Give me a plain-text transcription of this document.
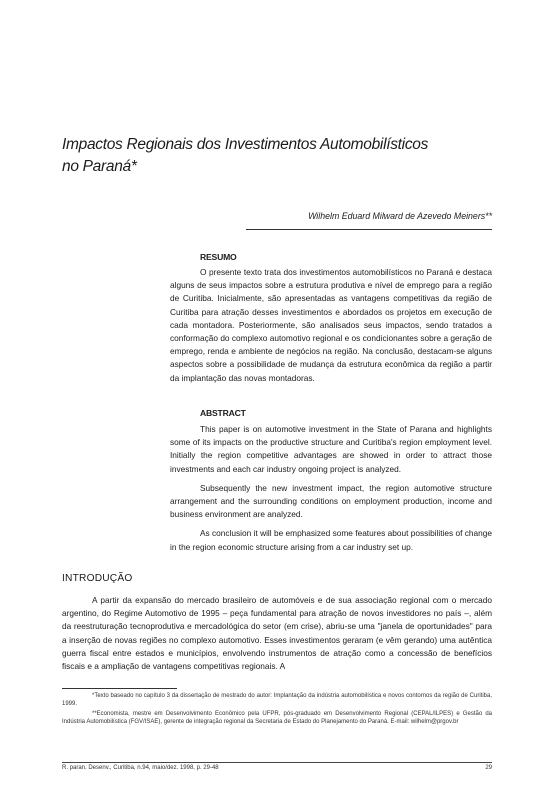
Impactos Regionais dos Investimentos Automobilísticos
no Paraná*
Wilhelm Eduard Milward de Azevedo Meiners**
RESUMO

O presente texto trata dos investimentos automobilísticos no Paraná e destaca alguns de seus impactos sobre a estrutura produtiva e nível de emprego para a região de Curitiba. Inicialmente, são apresentadas as vantagens competitivas da região de Curitiba para atração desses investimentos e abordados os projetos em execução de cada montadora. Posteriormente, são analisados seus impactos, sendo tratados a conformação do complexo automotivo regional e os condicionantes sobre a geração de emprego, renda e ambiente de negócios na região. Na conclusão, destacam-se alguns aspectos sobre a possibilidade de mudança da estrutura econômica da região a partir da implantação das novas montadoras.

ABSTRACT

This paper is on automotive investment in the State of Parana and highlights some of its impacts on the productive structure and Curitiba's region employment level. Initially the region competitive advantages are showed in order to attract those investments and each car industry ongoing project is analyzed.

Subsequently the new investment impact, the region automotive structure arrangement and the surrounding conditions on employment production, income and business environment are analyzed.

As conclusion it will be emphasized some features about possibilities of change in the region economic structure arising from a car industry set up.

INTRODUÇÃO

A partir da expansão do mercado brasileiro de automóveis e de sua associação regional com o mercado argentino, do Regime Automotivo de 1995 – peça fundamental para atração de novos investidores no país –, além da reestruturação tecnoprodutiva e mercadológica do setor (em crise), abriu-se uma "janela de oportunidades" para a inserção de novas regiões no complexo automotivo. Esses investimentos geraram (e vêm gerando) uma autêntica guerra fiscal entre estados e municípios, envolvendo instrumentos de atração como a concessão de benefícios fiscais e a ampliação de vantagens competitivas regionais. A

*Texto baseado no capítulo 3 da dissertação de mestrado do autor: Implantação da indústria automobilística e novos contornos da região de Curitiba, 1999.

**Economista, mestre em Desenvolvimento Econômico pela UFPR, pós-graduado em Desenvolvimento Regional (CEPAL/ILPES) e Gestão da Indústria Automobilística (FGV/ISAE), gerente de integração regional da Secretaria de Estado do Planejamento do Paraná. E-mail: wilhelm@prgov.br

R. paran. Desenv., Curitiba, n.94, maio/dez. 1998, p. 29-48	29
